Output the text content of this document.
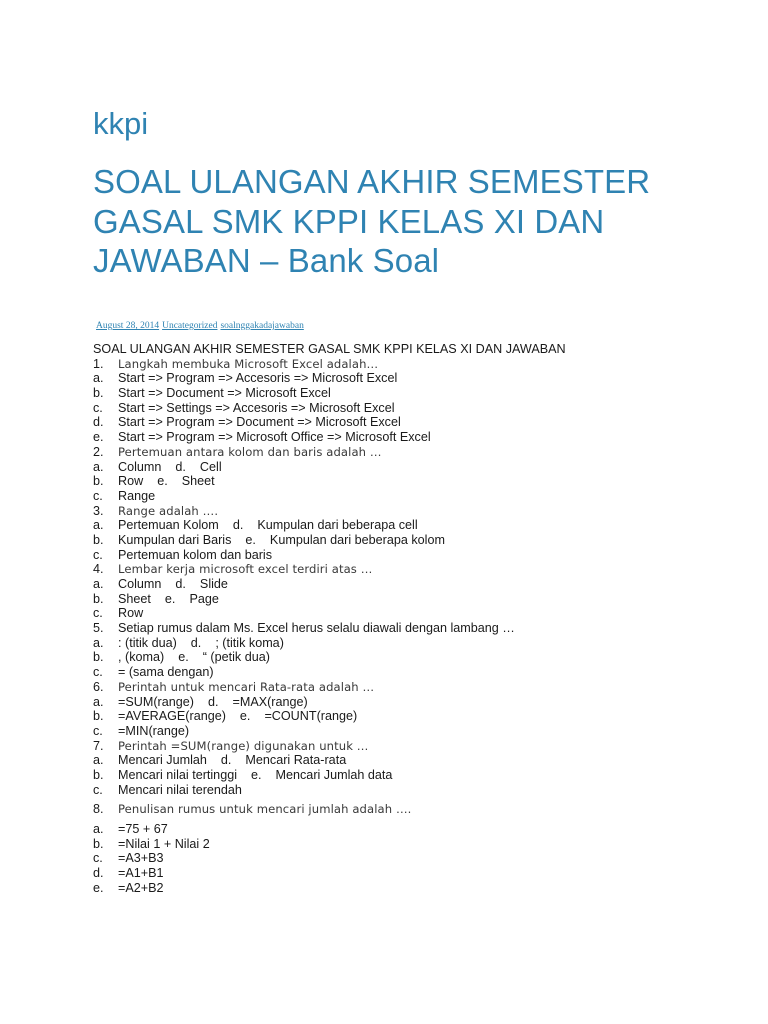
kkpi
SOAL ULANGAN AKHIR SEMESTER GASAL SMK KPPI KELAS XI DAN JAWABAN – Bank Soal
August 28, 2014 Uncategorized soalnggakadajawaban
SOAL ULANGAN AKHIR SEMESTER GASAL SMK KPPI KELAS XI DAN JAWABAN
1. Langkah membuka Microsoft Excel adalah…
a. Start => Program => Accesoris => Microsoft Excel
b. Start => Document => Microsoft Excel
c. Start => Settings => Accesoris => Microsoft Excel
d. Start => Program => Document => Microsoft Excel
e. Start => Program => Microsoft Office => Microsoft Excel
2. Pertemuan antara kolom dan baris adalah …
a. Column d. Cell
b. Row e. Sheet
c. Range
3. Range adalah ….
a. Pertemuan Kolom d. Kumpulan dari beberapa cell
b. Kumpulan dari Baris e. Kumpulan dari beberapa kolom
c. Pertemuan kolom dan baris
4. Lembar kerja microsoft excel terdiri atas …
a. Column d. Slide
b. Sheet e. Page
c. Row
5. Setiap rumus dalam Ms. Excel herus selalu diawali dengan lambang …
a. : (titik dua) d. ; (titik koma)
b. , (koma) e. “ (petik dua)
c. = (sama dengan)
6. Perintah untuk mencari Rata-rata adalah …
a. =SUM(range) d. =MAX(range)
b. =AVERAGE(range) e. =COUNT(range)
c. =MIN(range)
7. Perintah =SUM(range) digunakan untuk …
a. Mencari Jumlah d. Mencari Rata-rata
b. Mencari nilai tertinggi e. Mencari Jumlah data
c. Mencari nilai terendah
8. Penulisan rumus untuk mencari jumlah adalah ….
a. =75 + 67
b. =Nilai 1 + Nilai 2
c. =A3+B3
d. =A1+B1
e. =A2+B2
